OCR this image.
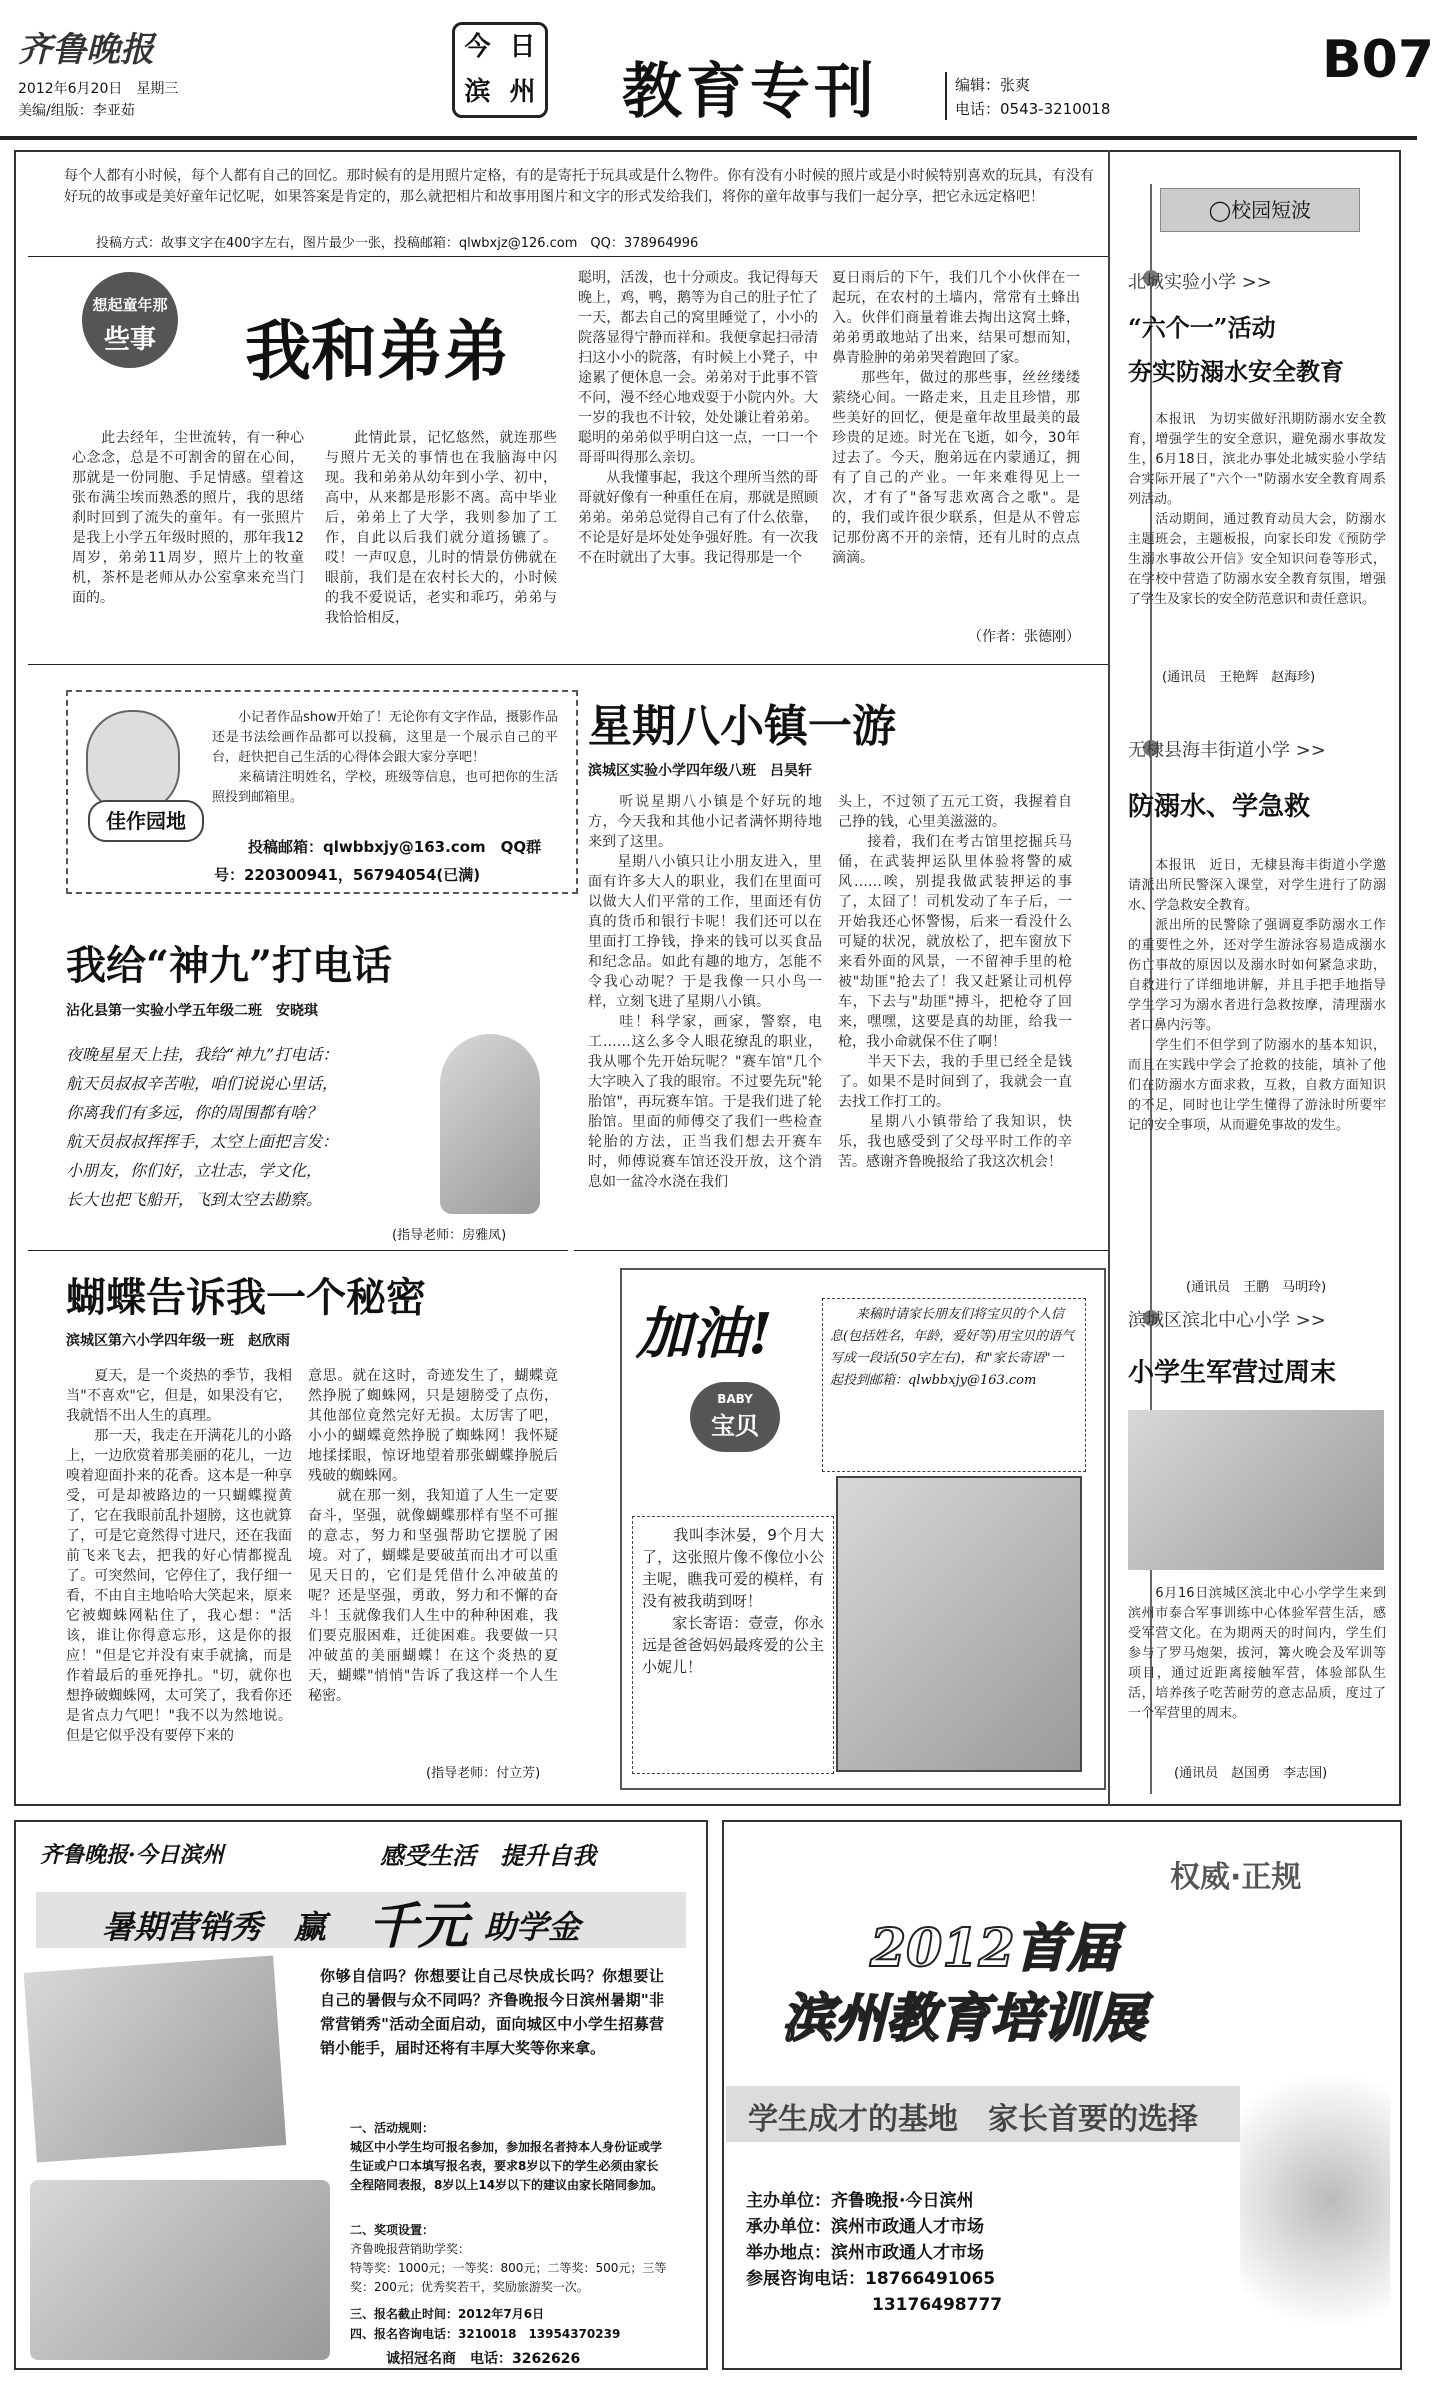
齐鲁晚报
2012年6月20日　星期三
美编/组版：李亚茹
今 日
滨 州 教育专刊	编辑：张爽
电话：0543-3210018
B07
每个人都有小时候，每个人都有自己的回忆。那时候有的是用照片定格，有的是寄托于玩具或是什么物件。你有没有小时候的照片或是小时候特别喜欢的玩具，有没有好玩的故事或是美好童年记忆呢，如果答案是肯定的，那么就把相片和故事用图片和文字的形式发给我们，将你的童年故事与我们一起分享，把它永远定格吧！
投稿方式：故事文字在400字左右，图片最少一张，投稿邮箱：qlwbxjz@126.com　QQ：378964996
想起童年那
些事	我和弟弟
　　此去经年，尘世流转，有一种心心念念，总是不可割舍的留在心间，那就是一份同胞、手足情感。望着这张布满尘埃而熟悉的照片，我的思绪刹时回到了流失的童年。有一张照片是我上小学五年级时照的，那年我12周岁，弟弟11周岁，照片上的牧童机，茶杯是老师从办公室拿来充当门面的。
　　此情此景，记忆悠然，就连那些与照片无关的事情也在我脑海中闪现。我和弟弟从幼年到小学、初中，高中，从来都是形影不离。高中毕业后，弟弟上了大学，我则参加了工作，自此以后我们就分道扬镳了。哎！一声叹息，儿时的情景仿佛就在眼前，我们是在农村长大的，小时候的我不爱说话，老实和乖巧，弟弟与我恰恰相反，
聪明，活泼，也十分顽皮。我记得每天晚上，鸡，鸭，鹅等为自己的肚子忙了一天，都去自己的窝里睡觉了，小小的院落显得宁静而祥和。我便拿起扫帚清扫这小小的院落，有时候上小凳子，中途累了便休息一会。弟弟对于此事不管不问，漫不经心地戏耍于小院内外。大一岁的我也不计较，处处谦让着弟弟。聪明的弟弟似乎明白这一点，一口一个哥哥叫得那么亲切。
　　从我懂事起，我这个理所当然的哥哥就好像有一种重任在肩，那就是照顾弟弟。弟弟总觉得自己有了什么依靠，不论是好是坏处处争强好胜。有一次我不在时就出了大事。我记得那是一个
夏日雨后的下午，我们几个小伙伴在一起玩，在农村的土墙内，常常有土蜂出入。伙伴们商量着谁去掏出这窝土蜂，弟弟勇敢地站了出来，结果可想而知，鼻青脸肿的弟弟哭着跑回了家。
　　那些年，做过的那些事，丝丝缕缕萦绕心间。一路走来，且走且珍惜，那些美好的回忆，便是童年故里最美的最珍贵的足迹。时光在飞逝，如今，30年过去了。今天，胞弟远在内蒙通辽，拥有了自己的产业。一年来难得见上一次，才有了"备写悲欢离合之歌"。是的，我们或许很少联系，但是从不曾忘记那份离不开的亲情，还有儿时的点点滴滴。
（作者：张德刚）
佳作园地
　　小记者作品show开始了！无论你有文字作品，摄影作品还是书法绘画作品都可以投稿，这里是一个展示自己的平台，赶快把自己生活的心得体会跟大家分享吧！
　　来稿请注明姓名，学校，班级等信息，也可把你的生活照投到邮箱里。
投稿邮箱：qlwbbxjy@163.com　QQ群
号：220300941，56794054(已满)
我给“神九”打电话
沾化县第一实验小学五年级二班　安晓琪
夜晚星星天上挂，我给“神九”打电话：
航天员叔叔辛苦啦，咱们说说心里话，
你离我们有多远，你的周围都有啥？
航天员叔叔挥挥手，太空上面把言发：
小朋友，你们好，立壮志，学文化，
长大也把飞船开，飞到太空去勘察。
(指导老师：房雅凤)
星期八小镇一游
滨城区实验小学四年级八班　吕昊轩
　　听说星期八小镇是个好玩的地方，今天我和其他小记者满怀期待地来到了这里。
　　星期八小镇只让小朋友进入，里面有许多大人的职业，我们在里面可以做大人们平常的工作，里面还有仿真的货币和银行卡呢！我们还可以在里面打工挣钱，挣来的钱可以买食品和纪念品。如此有趣的地方，怎能不令我心动呢？于是我像一只小鸟一样，立刻飞进了星期八小镇。
　　哇！科学家，画家，警察，电工……这么多令人眼花缭乱的职业，我从哪个先开始玩呢？"赛车馆"几个大字映入了我的眼帘。不过要先玩"轮胎馆"，再玩赛车馆。于是我们进了轮胎馆。里面的师傅交了我们一些检查轮胎的方法，正当我们想去开赛车时，师傅说赛车馆还没开放，这个消息如一盆冷水浇在我们
头上，不过领了五元工资，我握着自己挣的钱，心里美滋滋的。
　　接着，我们在考古馆里挖掘兵马俑，在武装押运队里体验将警的威风……唉，别提我做武装押运的事了，太囧了！司机发动了车子后，一开始我还心怀警惕，后来一看没什么可疑的状况，就放松了，把车窗放下来看外面的风景，一不留神手里的枪被"劫匪"抢去了！我又赶紧让司机停车，下去与"劫匪"搏斗，把枪夺了回来，嘿嘿，这要是真的劫匪，给我一枪，我小命就保不住了啊！
　　半天下去，我的手里已经全是钱了。如果不是时间到了，我就会一直去找工作打工的。
　　星期八小镇带给了我知识，快乐，我也感受到了父母平时工作的辛苦。感谢齐鲁晚报给了我这次机会！
蝴蝶告诉我一个秘密
滨城区第六小学四年级一班　赵欣雨
　　夏天，是一个炎热的季节，我相当"不喜欢"它，但是，如果没有它，我就悟不出人生的真理。
　　那一天，我走在开满花儿的小路上，一边欣赏着那美丽的花儿，一边嗅着迎面扑来的花香。这本是一种享受，可是却被路边的一只蝴蝶搅黄了，它在我眼前乱扑翅膀，这也就算了，可是它竟然得寸进尺，还在我面前飞来飞去，把我的好心情都搅乱了。可突然间，它停住了，我仔细一看，不由自主地哈哈大笑起来，原来它被蜘蛛网粘住了，我心想："活该，谁让你得意忘形，这是你的报应！"但是它并没有束手就擒，而是作着最后的垂死挣扎。"切，就你也想挣破蜘蛛网，太可笑了，我看你还是省点力气吧！"我不以为然地说。但是它似乎没有要停下来的
意思。就在这时，奇迹发生了，蝴蝶竟然挣脱了蜘蛛网，只是翅膀受了点伤，其他部位竟然完好无损。太厉害了吧，小小的蝴蝶竟然挣脱了蜘蛛网！我怀疑地揉揉眼，惊讶地望着那张蝴蝶挣脱后残破的蜘蛛网。
　　就在那一刻，我知道了人生一定要奋斗，坚强，就像蝴蝶那样有坚不可摧的意志，努力和坚强帮助它摆脱了困境。对了，蝴蝶是要破茧而出才可以重见天日的，它们是凭借什么冲破茧的呢？还是坚强，勇敢，努力和不懈的奋斗！玉就像我们人生中的种种困难，我们要克服困难，迁徙困难。我要做一只冲破茧的美丽蝴蝶！在这个炎热的夏天，蝴蝶"悄悄"告诉了我这样一个人生秘密。
(指导老师：付立芳)
加油!
BABY
宝贝
　　来稿时请家长朋友们将宝贝的个人信息(包括姓名，年龄，爱好等)用宝贝的语气写成一段话(50字左右)，和"家长寄语"一起投到邮箱：qlwbbxjy@163.com
　　我叫李沐晏，9个月大了，这张照片像不像位小公主呢，瞧我可爱的模样，有没有被我萌到呀！
　　家长寄语：壹壹，你永远是爸爸妈妈最疼爱的公主小妮儿！
◯校园短波
北城实验小学 >>
“六个一”活动
夯实防溺水安全教育
　　本报讯　为切实做好汛期防溺水安全教育，增强学生的安全意识，避免溺水事故发生，6月18日，滨北办事处北城实验小学结合实际开展了"六个一"防溺水安全教育周系列活动。
　　活动期间，通过教育动员大会，防溺水主题班会，主题板报，向家长印发《预防学生溺水事故公开信》安全知识问卷等形式，在学校中营造了防溺水安全教育氛围，增强了学生及家长的安全防范意识和责任意识。
(通讯员　王艳辉　赵海珍)
无棣县海丰街道小学 >>
防溺水、学急救
　　本报讯　近日，无棣县海丰街道小学邀请派出所民警深入课堂，对学生进行了防溺水、学急救安全教育。
　　派出所的民警除了强调夏季防溺水工作的重要性之外，还对学生游泳容易造成溺水伤亡事故的原因以及溺水时如何紧急求助，自救进行了详细地讲解，并且手把手地指导学生学习为溺水者进行急救按摩，清理溺水者口鼻内污等。
　　学生们不但学到了防溺水的基本知识，而且在实践中学会了抢救的技能，填补了他们在防溺水方面求救，互救，自救方面知识的不足，同时也让学生懂得了游泳时所要牢记的安全事项，从而避免事故的发生。
(通讯员　王鹏　马明玲)
滨城区滨北中心小学 >>
小学生军营过周末
　　6月16日滨城区滨北中心小学学生来到滨州市泰合军事训练中心体验军营生活，感受军营文化。在为期两天的时间内，学生们参与了罗马炮架，拔河，篝火晚会及军训等项目，通过近距离接触军营，体验部队生活，培养孩子吃苦耐劳的意志品质，度过了一个军营里的周末。
(通讯员　赵国勇　李志国)
齐鲁晚报·今日滨州	感受生活　提升自我
暑期营销秀　赢 千元 助学金
你够自信吗？你想要让自己尽快成长吗？你想要让自己的暑假与众不同吗？齐鲁晚报今日滨州暑期"非常营销秀"活动全面启动，面向城区中小学生招募营销小能手，届时还将有丰厚大奖等你来拿。
一、活动规则：
城区中小学生均可报名参加，参加报名者持本人身份证或学生证或户口本填写报名表，要求8岁以下的学生必须由家长全程陪同表报，8岁以上14岁以下的建议由家长陪同参加。
二、奖项设置：
齐鲁晚报营销助学奖：
特等奖：1000元；一等奖：800元；二等奖：500元；三等奖：200元；优秀奖若干，奖励旅游奖一次。
三、报名截止时间：2012年7月6日
四、报名咨询电话：3210018　13954370239
诚招冠名商　电话：3262626
权威·正规
2012首届
滨州教育培训展
学生成才的基地　家长首要的选择
主办单位：齐鲁晚报·今日滨州
承办单位：滨州市政通人才市场
举办地点：滨州市政通人才市场
参展咨询电话：18766491065
13176498777
